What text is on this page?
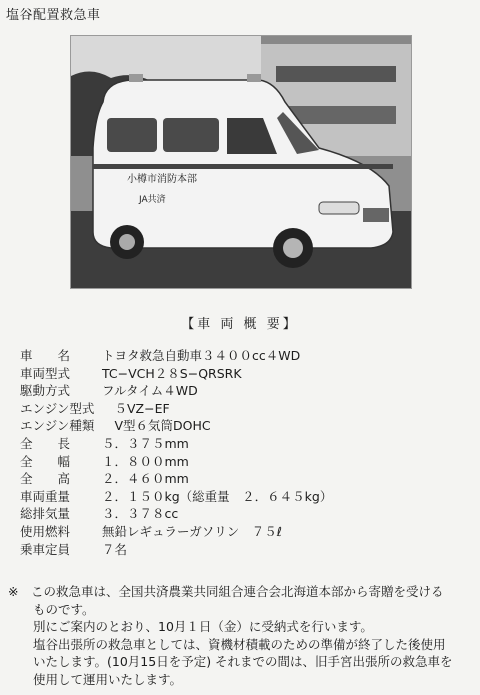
塩谷配置救急車
小樽市消防本部
JA共済
【車 両 概 要】
車　　名	トヨタ救急自動車３４００cc４WD
車両型式	TC−VCH２８S−QRSRK
駆動方式	フルタイム４WD
エンジン型式 　５VZ−EF
エンジン種類 　V型６気筒DOHC
全　　長	５．３７５mm
全　　幅	１．８００mm
全　　高	２．４６０mm
車両重量	２．１５０kg（総重量　２．６４５kg）
総排気量	３．３７８cc
使用燃料	無鉛レギュラーガソリン　７５ℓ
乗車定員	７名
※　この救急車は、全国共済農業共同組合連合会北海道本部から寄贈を受ける
　　ものです。
　　別にご案内のとおり、10月１日（金）に受納式を行います。
　　塩谷出張所の救急車としては、資機材積載のための準備が終了した後使用
　　いたします。(10月15日を予定) それまでの間は、旧手宮出張所の救急車を
　　使用して運用いたします。
